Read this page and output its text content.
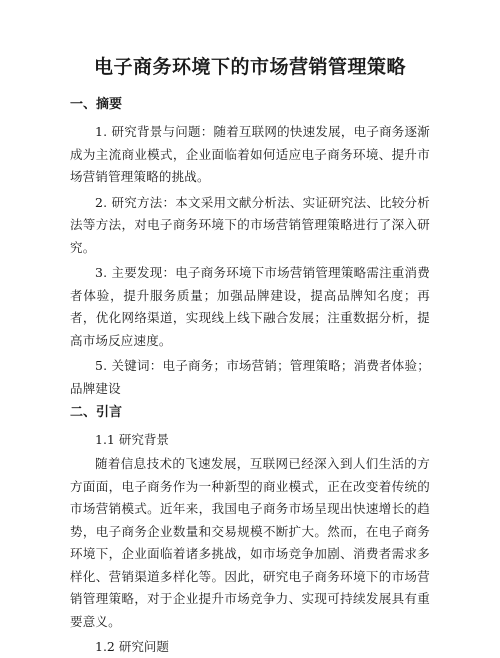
电子商务环境下的市场营销管理策略
一、摘要

1. 研究背景与问题：随着互联网的快速发展，电子商务逐渐成为主流商业模式，企业面临着如何适应电子商务环境、提升市场营销管理策略的挑战。

2. 研究方法：本文采用文献分析法、实证研究法、比较分析法等方法，对电子商务环境下的市场营销管理策略进行了深入研究。

3. 主要发现：电子商务环境下市场营销管理策略需注重消费者体验，提升服务质量；加强品牌建设，提高品牌知名度；再者，优化网络渠道，实现线上线下融合发展；注重数据分析，提高市场反应速度。

5. 关键词：电子商务；市场营销；管理策略；消费者体验；品牌建设

二、引言
1.1 研究背景

随着信息技术的飞速发展，互联网已经深入到人们生活的方方面面，电子商务作为一种新型的商业模式，正在改变着传统的市场营销模式。近年来，我国电子商务市场呈现出快速增长的趋势，电子商务企业数量和交易规模不断扩大。然而，在电子商务环境下，企业面临着诸多挑战，如市场竞争加剧、消费者需求多样化、营销渠道多样化等。因此，研究电子商务环境下的市场营销管理策略，对于企业提升市场竞争力、实现可持续发展具有重要意义。

1.2 研究问题
